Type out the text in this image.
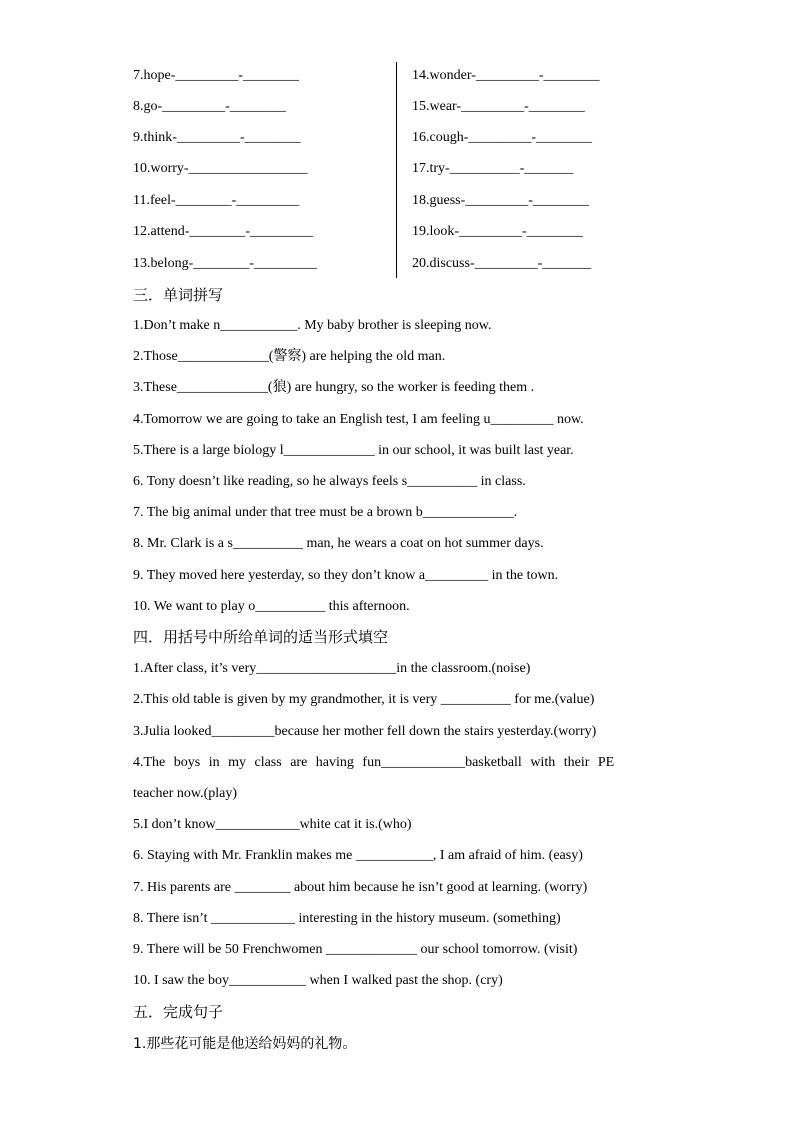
7.hope-_________-________
8.go-_________-________
9.think-_________-________
10.worry-_________________
11.feel-________-_________
12.attend-________-_________
13.belong-________-_________
14.wonder-_________-________
15.wear-_________-________
16.cough-_________-________
17.try-__________-_______
18.guess-_________-________
19.look-_________-________
20.discuss-_________-_______
三．单词拼写
1.Don’t make n___________. My baby brother is sleeping now.
2.Those_____________(警察) are helping the old man.
3.These_____________(狼) are hungry, so the worker is feeding them .
4.Tomorrow we are going to take an English test, I am feeling u_________ now.
5.There is a large biology l_____________ in our school, it was built last year.
6. Tony doesn’t like reading, so he always feels s__________ in class.
7. The big animal under that tree must be a brown b_____________.
8. Mr. Clark is a s__________ man, he wears a coat on hot summer days.
9. They moved here yesterday, so they don’t know a_________ in the town.
10. We want to play o__________ this afternoon.
四．用括号中所给单词的适当形式填空
1.After class, it’s very____________________in the classroom.(noise)
2.This old table is given by my grandmother, it is very __________ for me.(value)
3.Julia looked_________because her mother fell down the stairs yesterday.(worry)
4.The boys in my class are having fun____________basketball with their PE
teacher now.(play)
5.I don’t know____________white cat it is.(who)
6. Staying with Mr. Franklin makes me ___________, I am afraid of him. (easy)
7. His parents are ________ about him because he isn’t good at learning. (worry)
8. There isn’t ____________ interesting in the history museum. (something)
9. There will be 50 Frenchwomen _____________ our school tomorrow. (visit)
10. I saw the boy___________ when I walked past the shop. (cry)
五．完成句子
1.那些花可能是他送给妈妈的礼物。
